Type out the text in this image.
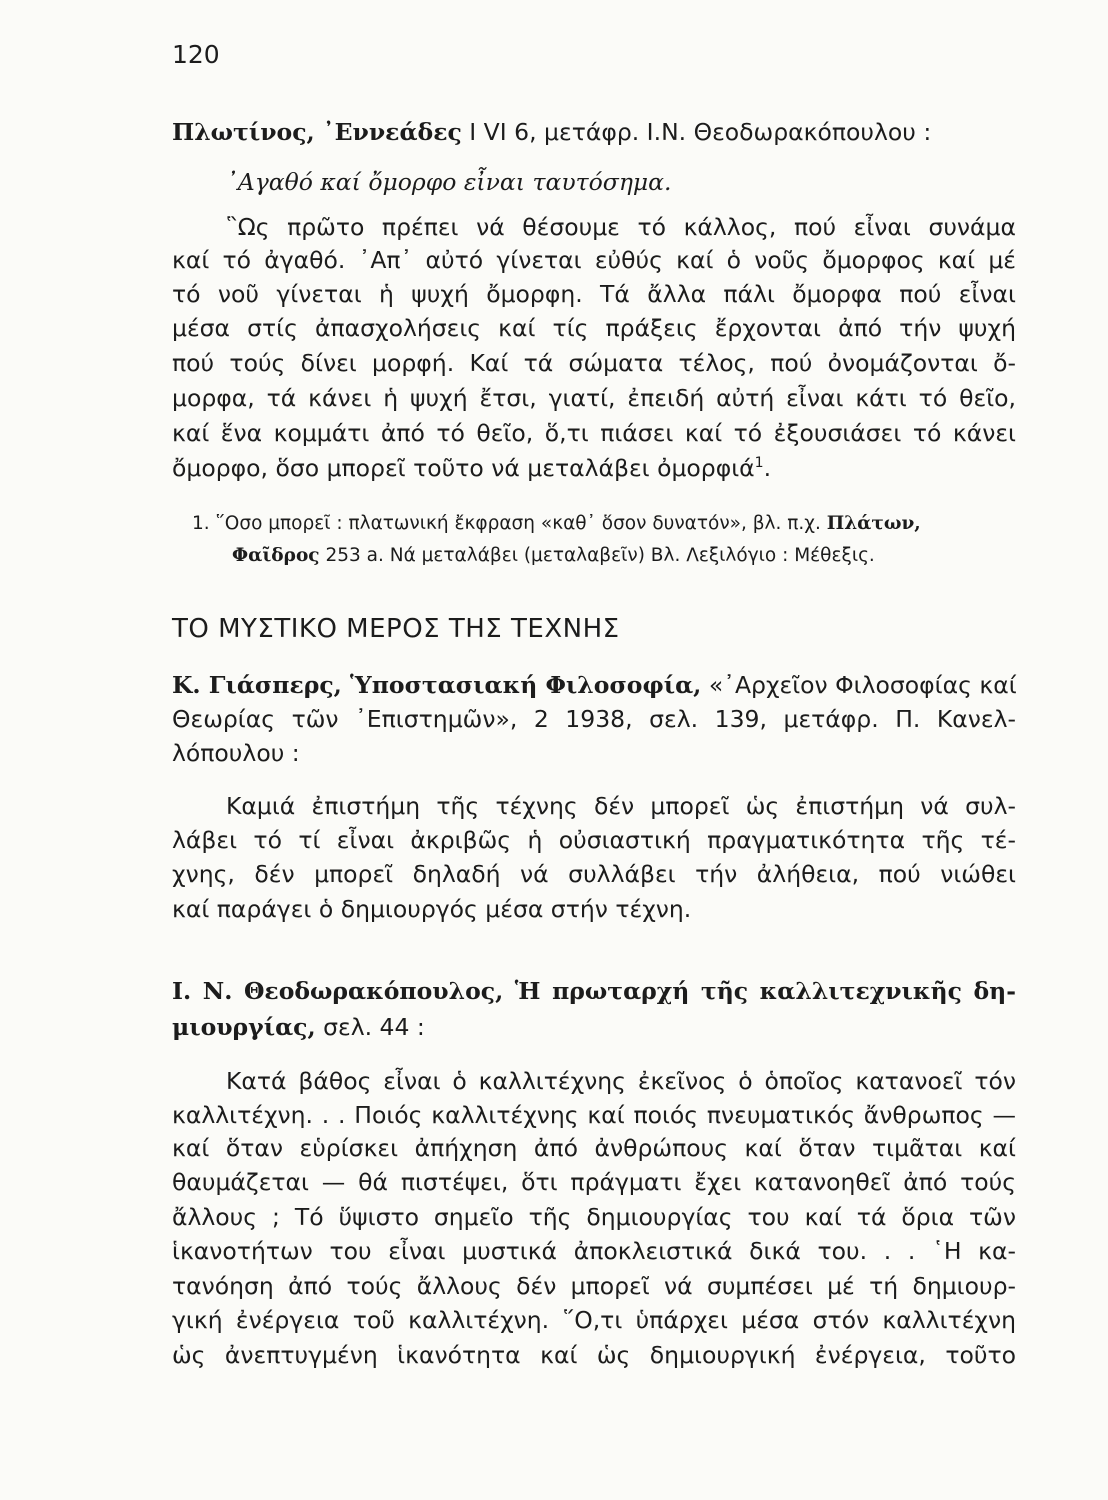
120
Πλωτίνος, ᾿Εννεάδες I VI 6, μετάφρ. Ι.Ν. Θεοδωρακόπουλου :
᾿Αγαθό καί ὄμορφο εἶναι ταυτόσημα.
῝Ως πρῶτο πρέπει νά θέσουμε τό κάλλος, πού εἶναι συνάμα
καί τό ἀγαθό. ᾿Απ᾿ αὐτό γίνεται εὐθύς καί ὁ νοῦς ὄμορφος καί μέ
τό νοῦ γίνεται ἡ ψυχή ὄμορφη. Τά ἄλλα πάλι ὄμορφα πού εἶναι
μέσα στίς ἀπασχολήσεις καί τίς πράξεις ἔρχονται ἀπό τήν ψυχή
πού τούς δίνει μορφή. Καί τά σώματα τέλος, πού ὀνομάζονται ὄ-
μορφα, τά κάνει ἡ ψυχή ἔτσι, γιατί, ἐπειδή αὐτή εἶναι κάτι τό θεῖο,
καί ἕνα κομμάτι ἀπό τό θεῖο, ὅ,τι πιάσει καί τό ἐξουσιάσει τό κάνει
ὄμορφο, ὅσο μπορεῖ τοῦτο νά μεταλάβει ὀμορφιά$^1$.
1. ῞Οσο μπορεῖ : πλατωνική ἔκφραση «καθ᾿ ὅσον δυνατόν», βλ. π.χ. Πλάτων,
Φαῖδρος 253 a. Νά μεταλάβει (μεταλαβεῖν) Βλ. Λεξιλόγιο : Μέθεξις.
ΤΟ ΜΥΣΤΙΚΟ ΜΕΡΟΣ ΤΗΣ ΤΕΧΝΗΣ
Κ. Γιάσπερς, Ὑποστασιακή Φιλοσοφία, «᾿Αρχεῖον Φιλοσοφίας καί
Θεωρίας τῶν ᾿Επιστημῶν», 2 1938, σελ. 139, μετάφρ. Π. Κανελ-
λόπουλου :
Καμιά ἐπιστήμη τῆς τέχνης δέν μπορεῖ ὡς ἐπιστήμη νά συλ-
λάβει τό τί εἶναι ἀκριβῶς ἡ οὐσιαστική πραγματικότητα τῆς τέ-
χνης, δέν μπορεῖ δηλαδή νά συλλάβει τήν ἀλήθεια, πού νιώθει
καί παράγει ὁ δημιουργός μέσα στήν τέχνη.
Ι. Ν. Θεοδωρακόπουλος, Ἡ πρωταρχή τῆς καλλιτεχνικῆς δη-
μιουργίας, σελ. 44 :
Κατά βάθος εἶναι ὁ καλλιτέχνης ἐκεῖνος ὁ ὁποῖος κατανοεῖ τόν
καλλιτέχνη. . . Ποιός καλλιτέχνης καί ποιός πνευματικός ἄνθρωπος —
καί ὅταν εὑρίσκει ἀπήχηση ἀπό ἀνθρώπους καί ὅταν τιμᾶται καί
θαυμάζεται — θά πιστέψει, ὅτι πράγματι ἔχει κατανοηθεῖ ἀπό τούς
ἄλλους ; Τό ὕψιστο σημεῖο τῆς δημιουργίας του καί τά ὅρια τῶν
ἱκανοτήτων του εἶναι μυστικά ἀποκλειστικά δικά του. . . ῾Η κα-
τανόηση ἀπό τούς ἄλλους δέν μπορεῖ νά συμπέσει μέ τή δημιουρ-
γική ἐνέργεια τοῦ καλλιτέχνη. ῞Ο,τι ὑπάρχει μέσα στόν καλλιτέχνη
ὡς ἀνεπτυγμένη ἱκανότητα καί ὡς δημιουργική ἐνέργεια, τοῦτο
